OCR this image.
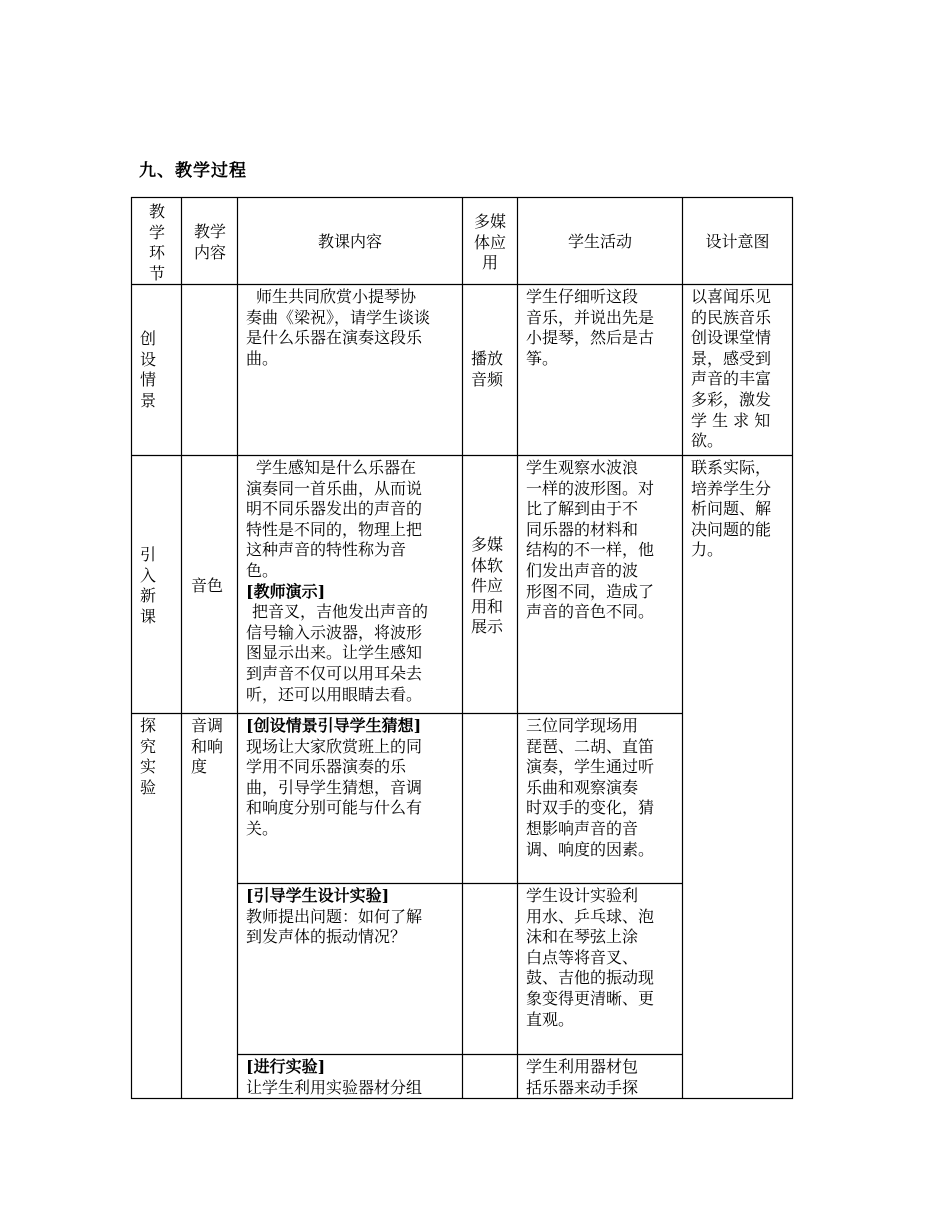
九、教学过程
教
学
环
节
教学
内容
教课内容
多媒
体应
用
学生活动	设计意图
创
设
情
景
师生共同欣赏小提琴协
奏曲《梁祝》，请学生谈谈
是什么乐器在演奏这段乐
曲。	播放
音频
学生仔细听这段
音乐，并说出先是
小提琴，然后是古
筝。
以喜闻乐见
的民族音乐
创设课堂情
景，感受到
声音的丰富
多彩，激发
学 生 求 知
欲。
引
入
新
课
音色
学生感知是什么乐器在
演奏同一首乐曲，从而说
明不同乐器发出的声音的
特性是不同的，物理上把
这种声音的特性称为音
色。
[教师演示]
把音叉，吉他发出声音的
信号输入示波器，将波形
图显示出来。让学生感知
到声音不仅可以用耳朵去
听，还可以用眼睛去看。
多媒
体软
件应
用和
展示
学生观察水波浪
一样的波形图。对
比了解到由于不
同乐器的材料和
结构的不一样，他
们发出声音的波
形图不同，造成了
声音的音色不同。
联系实际，
培养学生分
析问题、解
决问题的能
力。
探
究
实
验
音调
和响
度
[创设情景引导学生猜想]
现场让大家欣赏班上的同
学用不同乐器演奏的乐
曲，引导学生猜想，音调
和响度分别可能与什么有
关。
三位同学现场用
琵琶、二胡、直笛
演奏，学生通过听
乐曲和观察演奏
时双手的变化，猜
想影响声音的音
调、响度的因素。
[引导学生设计实验]
教师提出问题：如何了解
到发声体的振动情况？
学生设计实验利
用水、乒乓球、泡
沫和在琴弦上涂
白点等将音叉、
鼓、吉他的振动现
象变得更清晰、更
直观。
[进行实验]
让学生利用实验器材分组
学生利用器材包
括乐器来动手探
